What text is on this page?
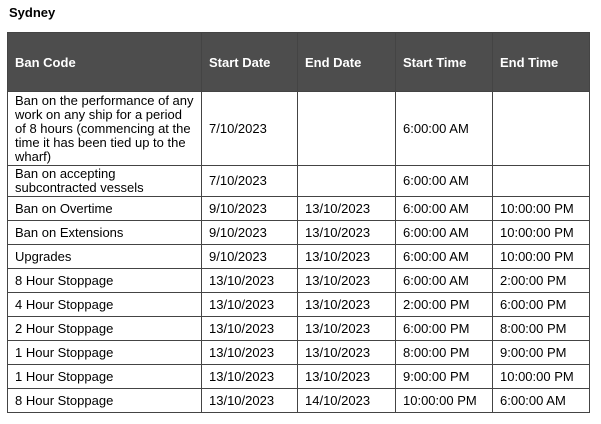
Sydney
Ban Code	Start Date	End Date	Start Time	End Time
Ban on the performance of any work on any ship for a period of 8 hours (commencing at the time it has been tied up to the wharf)	7/10/2023		6:00:00 AM	
Ban on accepting subcontracted vessels	7/10/2023		6:00:00 AM	
Ban on Overtime	9/10/2023	13/10/2023	6:00:00 AM	10:00:00 PM
Ban on Extensions	9/10/2023	13/10/2023	6:00:00 AM	10:00:00 PM
Upgrades	9/10/2023	13/10/2023	6:00:00 AM	10:00:00 PM
8 Hour Stoppage	13/10/2023	13/10/2023	6:00:00 AM	2:00:00 PM
4 Hour Stoppage	13/10/2023	13/10/2023	2:00:00 PM	6:00:00 PM
2 Hour Stoppage	13/10/2023	13/10/2023	6:00:00 PM	8:00:00 PM
1 Hour Stoppage	13/10/2023	13/10/2023	8:00:00 PM	9:00:00 PM
1 Hour Stoppage	13/10/2023	13/10/2023	9:00:00 PM	10:00:00 PM
8 Hour Stoppage	13/10/2023	14/10/2023	10:00:00 PM	6:00:00 AM
